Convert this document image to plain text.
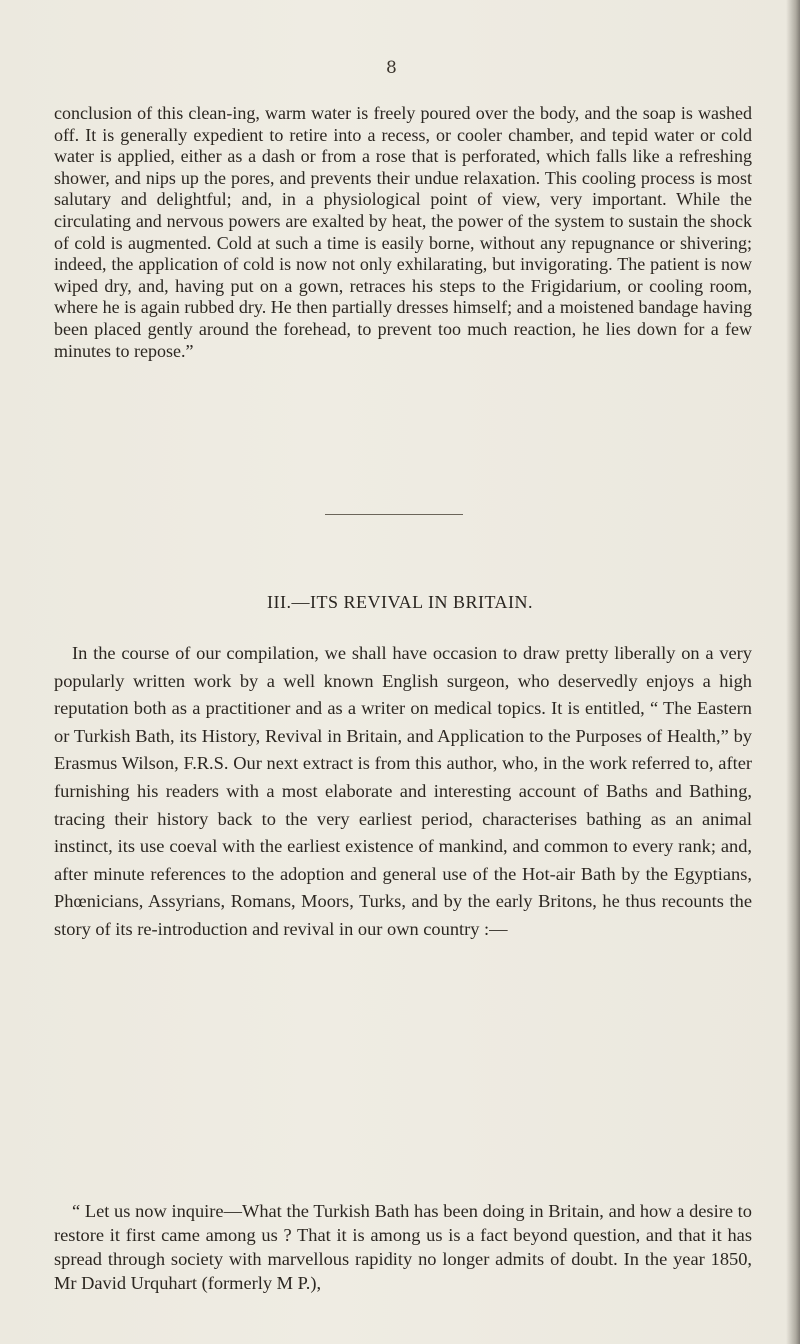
8

conclusion of this clean-ing, warm water is freely poured over the body, and the soap is washed off. It is generally expedient to retire into a recess, or cooler chamber, and tepid water or cold water is applied, either as a dash or from a rose that is perforated, which falls like a refreshing shower, and nips up the pores, and prevents their undue relaxation. This cooling process is most salutary and delightful; and, in a physiological point of view, very important. While the circulating and nervous powers are exalted by heat, the power of the system to sustain the shock of cold is augmented. Cold at such a time is easily borne, without any repugnance or shivering; indeed, the application of cold is now not only exhilarating, but invigorating. The patient is now wiped dry, and, having put on a gown, retraces his steps to the Frigidarium, or cooling room, where he is again rubbed dry. He then partially dresses himself; and a moistened bandage having been placed gently around the forehead, to prevent too much reaction, he lies down for a few minutes to repose.”

III.—ITS REVIVAL IN BRITAIN.

In the course of our compilation, we shall have occasion to draw pretty liberally on a very popularly written work by a well known English surgeon, who deservedly enjoys a high reputation both as a practitioner and as a writer on medical topics. It is entitled, “ The Eastern or Turkish Bath, its History, Revival in Britain, and Application to the Purposes of Health,” by Erasmus Wilson, F.R.S. Our next extract is from this author, who, in the work referred to, after furnishing his readers with a most elaborate and interesting account of Baths and Bathing, tracing their history back to the very earliest period, characterises bathing as an animal instinct, its use coeval with the earliest existence of mankind, and common to every rank; and, after minute references to the adoption and general use of the Hot-air Bath by the Egyptians, Phœnicians, Assyrians, Romans, Moors, Turks, and by the early Britons, he thus recounts the story of its re-introduction and revival in our own country :—

“ Let us now inquire—What the Turkish Bath has been doing in Britain, and how a desire to restore it first came among us ? That it is among us is a fact beyond question, and that it has spread through society with marvellous rapidity no longer admits of doubt. In the year 1850, Mr David Urquhart (formerly M P.),
